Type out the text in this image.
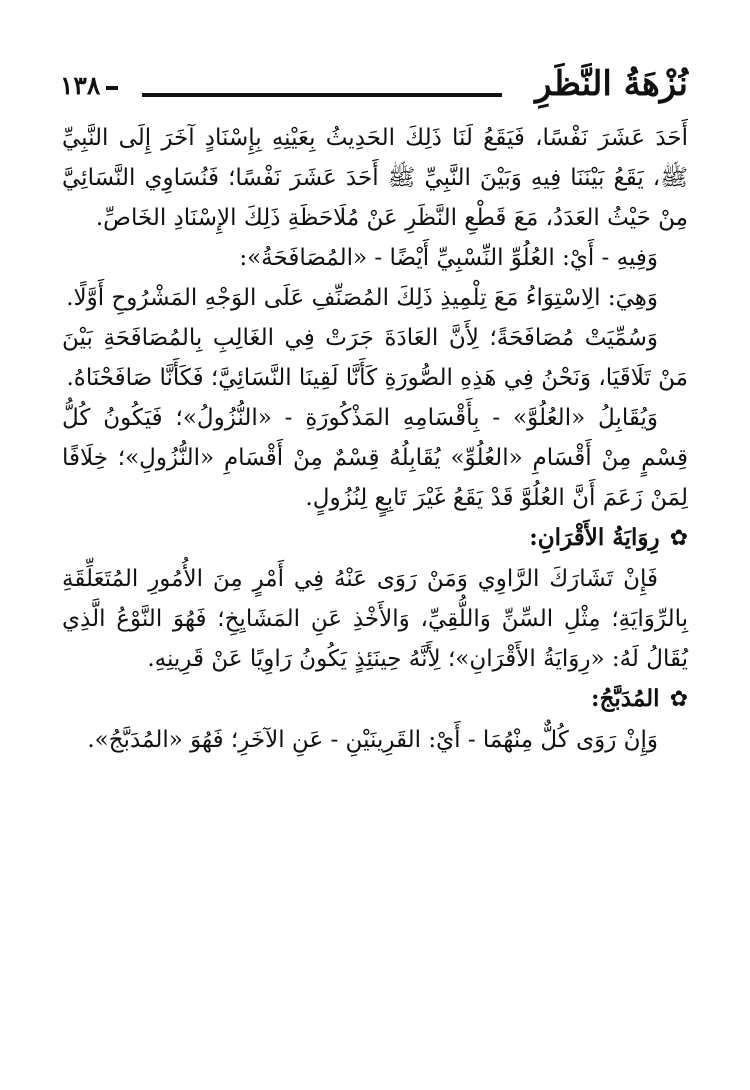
نُزْهَةُ النَّظَرِ
١٣٨

أَحَدَ عَشَرَ نَفْسًا، فَيَقَعُ لَنَا ذَلِكَ الحَدِيثُ بِعَيْنِهِ بِإِسْنَادٍ آخَرَ إِلَى النَّبِيِّ ﷺ، يَقَعُ بَيْنَنَا فِيهِ وَبَيْنَ النَّبِيِّ ﷺ أَحَدَ عَشَرَ نَفْسًا؛ فَنُسَاوِي النَّسَائِيَّ مِنْ حَيْثُ العَدَدُ، مَعَ قَطْعِ النَّظَرِ عَنْ مُلَاحَظَةِ ذَلِكَ الإِسْنَادِ الخَاصِّ.

وَفِيهِ - أَيْ: العُلُوِّ النِّسْبِيِّ أَيْضًا - «المُصَافَحَةُ»:

وَهِيَ: الِاسْتِوَاءُ مَعَ تِلْمِيذِ ذَلِكَ المُصَنِّفِ عَلَى الوَجْهِ المَشْرُوحِ أَوَّلًا.

وَسُمِّيَتْ مُصَافَحَةً؛ لِأَنَّ العَادَةَ جَرَتْ فِي الغَالِبِ بِالمُصَافَحَةِ بَيْنَ مَنْ تَلَاقَيَا، وَنَحْنُ فِي هَذِهِ الصُّورَةِ كَأَنَّا لَقِينَا النَّسَائِيَّ؛ فَكَأَنَّا صَافَحْنَاهُ.

وَيُقَابِلُ «العُلُوَّ» - بِأَقْسَامِهِ المَذْكُورَةِ - «النُّزُولُ»؛ فَيَكُونُ كُلُّ قِسْمٍ مِنْ أَقْسَامِ «العُلُوِّ» يُقَابِلُهُ قِسْمٌ مِنْ أَقْسَامِ «النُّزُولِ»؛ خِلَافًا لِمَنْ زَعَمَ أَنَّ العُلُوَّ قَدْ يَقَعُ غَيْرَ تَابِعٍ لِنُزُولٍ.

✿رِوَايَةُ الأَقْرَانِ:

فَإِنْ تَشَارَكَ الرَّاوِي وَمَنْ رَوَى عَنْهُ فِي أَمْرٍ مِنَ الأُمُورِ المُتَعَلِّقَةِ بِالرِّوَايَةِ؛ مِثْلِ السِّنِّ وَاللُّقِيِّ، وَالأَخْذِ عَنِ المَشَايِخِ؛ فَهُوَ النَّوْعُ الَّذِي يُقَالُ لَهُ: «رِوَايَةُ الأَقْرَانِ»؛ لِأَنَّهُ حِينَئِذٍ يَكُونُ رَاوِيًا عَنْ قَرِينِهِ.

✿المُدَبَّجُ:

وَإِنْ رَوَى كُلٌّ مِنْهُمَا - أَيْ: القَرِينَيْنِ - عَنِ الآخَرِ؛ فَهُوَ «المُدَبَّجُ».
